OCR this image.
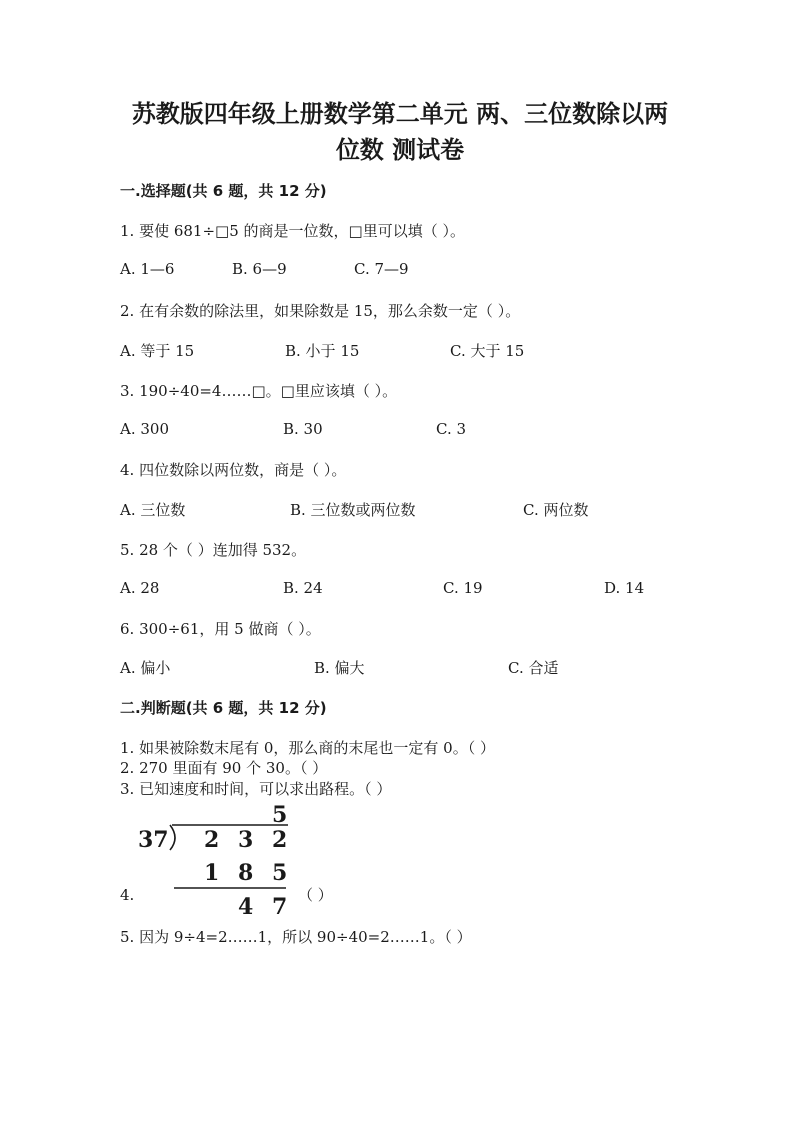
苏教版四年级上册数学第二单元 两、三位数除以两
位数 测试卷
一.选择题(共 6 题，共 12 分)
1. 要使 681÷□5 的商是一位数，□里可以填（ ）。
A. 1—6	B. 6—9	C. 7—9
2. 在有余数的除法里，如果除数是 15，那么余数一定（ ）。
A. 等于 15	B. 小于 15	C. 大于 15
3. 190÷40=4……□。□里应该填（ ）。
A. 300	B. 30	C. 3
4. 四位数除以两位数，商是（ ）。
A. 三位数	B. 三位数或两位数	C. 两位数
5. 28 个（ ）连加得 532。
A. 28	B. 24	C. 19	D. 14
6. 300÷61，用 5 做商（ ）。
A. 偏小	B. 偏大	C. 合适
二.判断题(共 6 题，共 12 分)
1. 如果被除数末尾有 0，那么商的末尾也一定有 0。（ ）
2. 270 里面有 90 个 30。（ ）
3. 已知速度和时间，可以求出路程。（ ）
5
37 2 3 2
1 8 5
4 7
4.	（ ）
5. 因为 9÷4=2……1，所以 90÷40=2……1。（ ）
